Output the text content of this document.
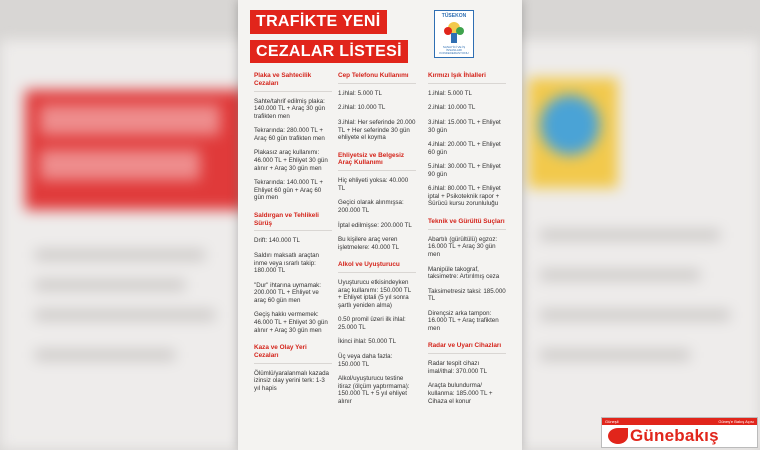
TRAFİKTE YENİ
CEZALAR LİSTESİ
TÜSEKON
SANAYİCİ VE İŞ İNSANLARI KONFEDERASYONU
Plaka ve Sahtecilik Cezaları
Sahte/tahrif edilmiş plaka: 140.000 TL + Araç 30 gün trafikten men
Tekrarında: 280.000 TL + Araç 60 gün trafikten men
Plakasız araç kullanımı: 46.000 TL + Ehliyet 30 gün alınır + Araç 30 gün men
Tekrarında: 140.000 TL + Ehliyet 60 gün + Araç 60 gün men
Saldırgan ve Tehlikeli Sürüş
Drift: 140.000 TL
Saldırı maksatlı araçtan inme veya ısrarlı takip: 180.000 TL
"Dur" ihtarına uymamak: 200.000 TL + Ehliyet ve araç 60 gün men
Geçiş hakkı vermemek: 46.000 TL + Ehliyet 30 gün alınır + Araç 30 gün men
Kaza ve Olay Yeri Cezaları
Ölümlü/yaralanmalı kazada izinsiz olay yerini terk: 1-3 yıl hapis
Cep Telefonu Kullanımı
1.ihlal: 5.000 TL
2.ihlal: 10.000 TL
3.ihlal: Her seferinde 20.000 TL + Her seferinde 30 gün ehliyete el koyma
Ehliyetsiz ve Belgesiz Araç Kullanımı
Hiç ehliyeti yoksa: 40.000 TL
Geçici olarak alınmışsa: 200.000 TL
İptal edilmişse: 200.000 TL
Bu kişilere araç veren işletmelere: 40.000 TL
Alkol ve Uyuşturucu
Uyuşturucu etkisindeyken araç kullanımı: 150.000 TL + Ehliyet iptali (5 yıl sonra şartlı yeniden alma)
0.50 promil üzeri ilk ihlal: 25.000 TL
İkinci ihlal: 50.000 TL
Üç veya daha fazla: 150.000 TL
Alkol/uyuşturucu testine itiraz (ölçüm yaptırmama): 150.000 TL + 5 yıl ehliyet alınır
Kırmızı Işık İhlalleri
1.ihlal: 5.000 TL
2.ihlal: 10.000 TL
3.ihlal: 15.000 TL + Ehliyet 30 gün
4.ihlal: 20.000 TL + Ehliyet 60 gün
5.ihlal: 30.000 TL + Ehliyet 90 gün
6.ihlal: 80.000 TL + Ehliyet iptal + Psikoteknik rapor + Sürücü kursu zorunluluğu
Teknik ve Gürültü Suçları
Abartılı (gürültülü) egzoz: 16.000 TL + Araç 30 gün men
Manipüle takograf, taksimetre: Artırılmış ceza
Taksimetresiz taksi: 185.000 TL
Dirençsiz arka tampon: 16.000 TL + Araç trafikten men
Radar ve Uyarı Cihazları
Radar tespit cihazı imal/ithal: 370.000 TL
Araçta bulundurma/ kullanma: 185.000 TL + Cihaza el konur
Güneşli	Güneş'e Bakış Açısı
Günebakış
